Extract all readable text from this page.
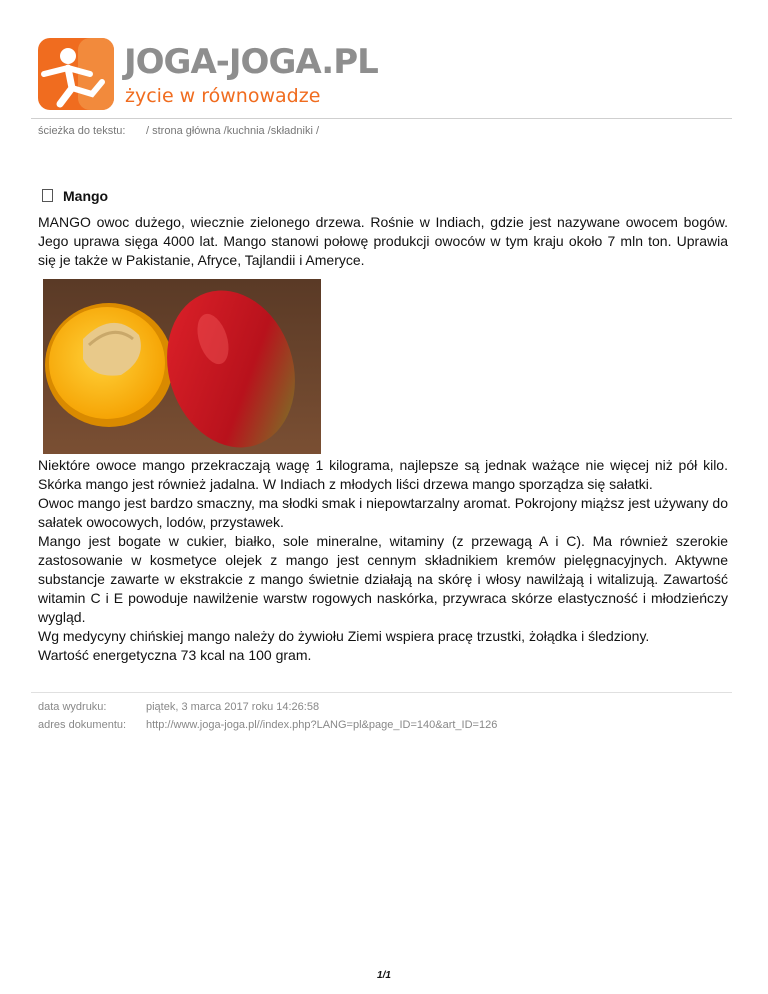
JOGA-JOGA.PL
życie w równowadze
ścieżka do tekstu: / strona główna /kuchnia /składniki /
Mango

MANGO owoc dużego, wiecznie zielonego drzewa. Rośnie w Indiach, gdzie jest nazywane owocem bogów. Jego uprawa sięga 4000 lat. Mango stanowi połowę produkcji owoców w tym kraju około 7 mln ton. Uprawia się je także w Pakistanie, Afryce, Tajlandii i Ameryce.

Niektóre owoce mango przekraczają wagę 1 kilograma, najlepsze są jednak ważące nie więcej niż pół kilo. Skórka mango jest również jadalna. W Indiach z młodych liści drzewa mango sporządza się sałatki.
Owoc mango jest bardzo smaczny, ma słodki smak i niepowtarzalny aromat. Pokrojony miąższ jest używany do sałatek owocowych, lodów, przystawek.
Mango jest bogate w cukier, białko, sole mineralne, witaminy (z przewagą A i C). Ma również szerokie zastosowanie w kosmetyce olejek z mango jest cennym składnikiem kremów pielęgnacyjnych. Aktywne substancje zawarte w ekstrakcie z mango świetnie działają na skórę i włosy nawilżają i witalizują. Zawartość witamin C i E powoduje nawilżenie warstw rogowych naskórka, przywraca skórze elastyczność i młodzieńczy wygląd.
Wg medycyny chińskiej mango należy do żywiołu Ziemi wspiera pracę trzustki, żołądka i śledziony.
Wartość energetyczna 73 kcal na 100 gram.
data wydruku:	piątek, 3 marca 2017 roku 14:26:58
adres dokumentu: http://www.joga-joga.pl//index.php?LANG=pl&page_ID=140&art_ID=126
1/1
